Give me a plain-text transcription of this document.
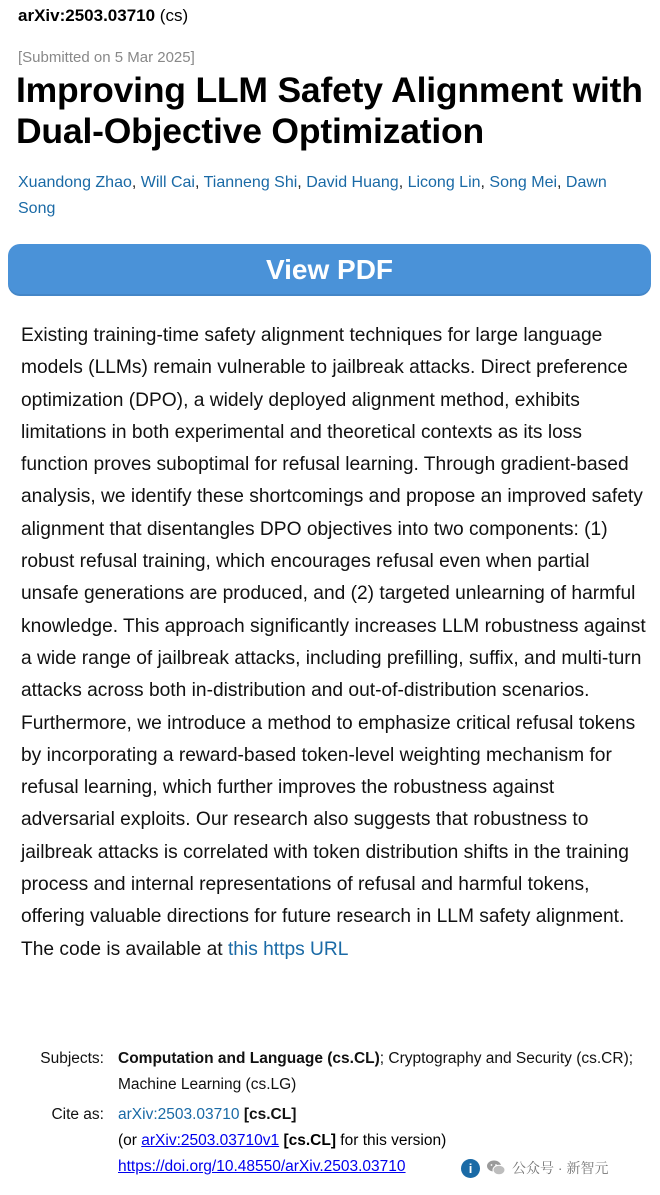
arXiv:2503.03710 (cs)
[Submitted on 5 Mar 2025]
Improving LLM Safety Alignment with Dual-Objective Optimization
Xuandong Zhao, Will Cai, Tianneng Shi, David Huang, Licong Lin, Song Mei, Dawn Song
View PDF
Existing training-time safety alignment techniques for large language models (LLMs) remain vulnerable to jailbreak attacks. Direct preference optimization (DPO), a widely deployed alignment method, exhibits limitations in both experimental and theoretical contexts as its loss function proves suboptimal for refusal learning. Through gradient-based analysis, we identify these shortcomings and propose an improved safety alignment that disentangles DPO objectives into two components: (1) robust refusal training, which encourages refusal even when partial unsafe generations are produced, and (2) targeted unlearning of harmful knowledge. This approach significantly increases LLM robustness against a wide range of jailbreak attacks, including prefilling, suffix, and multi-turn attacks across both in-distribution and out-of-distribution scenarios. Furthermore, we introduce a method to emphasize critical refusal tokens by incorporating a reward-based token-level weighting mechanism for refusal learning, which further improves the robustness against adversarial exploits. Our research also suggests that robustness to jailbreak attacks is correlated with token distribution shifts in the training process and internal representations of refusal and harmful tokens, offering valuable directions for future research in LLM safety alignment. The code is available at this https URL
Subjects: Computation and Language (cs.CL); Cryptography and Security (cs.CR); Machine Learning (cs.LG)
Cite as: arXiv:2503.03710 [cs.CL]
(or arXiv:2503.03710v1 [cs.CL] for this version)
https://doi.org/10.48550/arXiv.2503.03710	i	公众号 · 新智元
